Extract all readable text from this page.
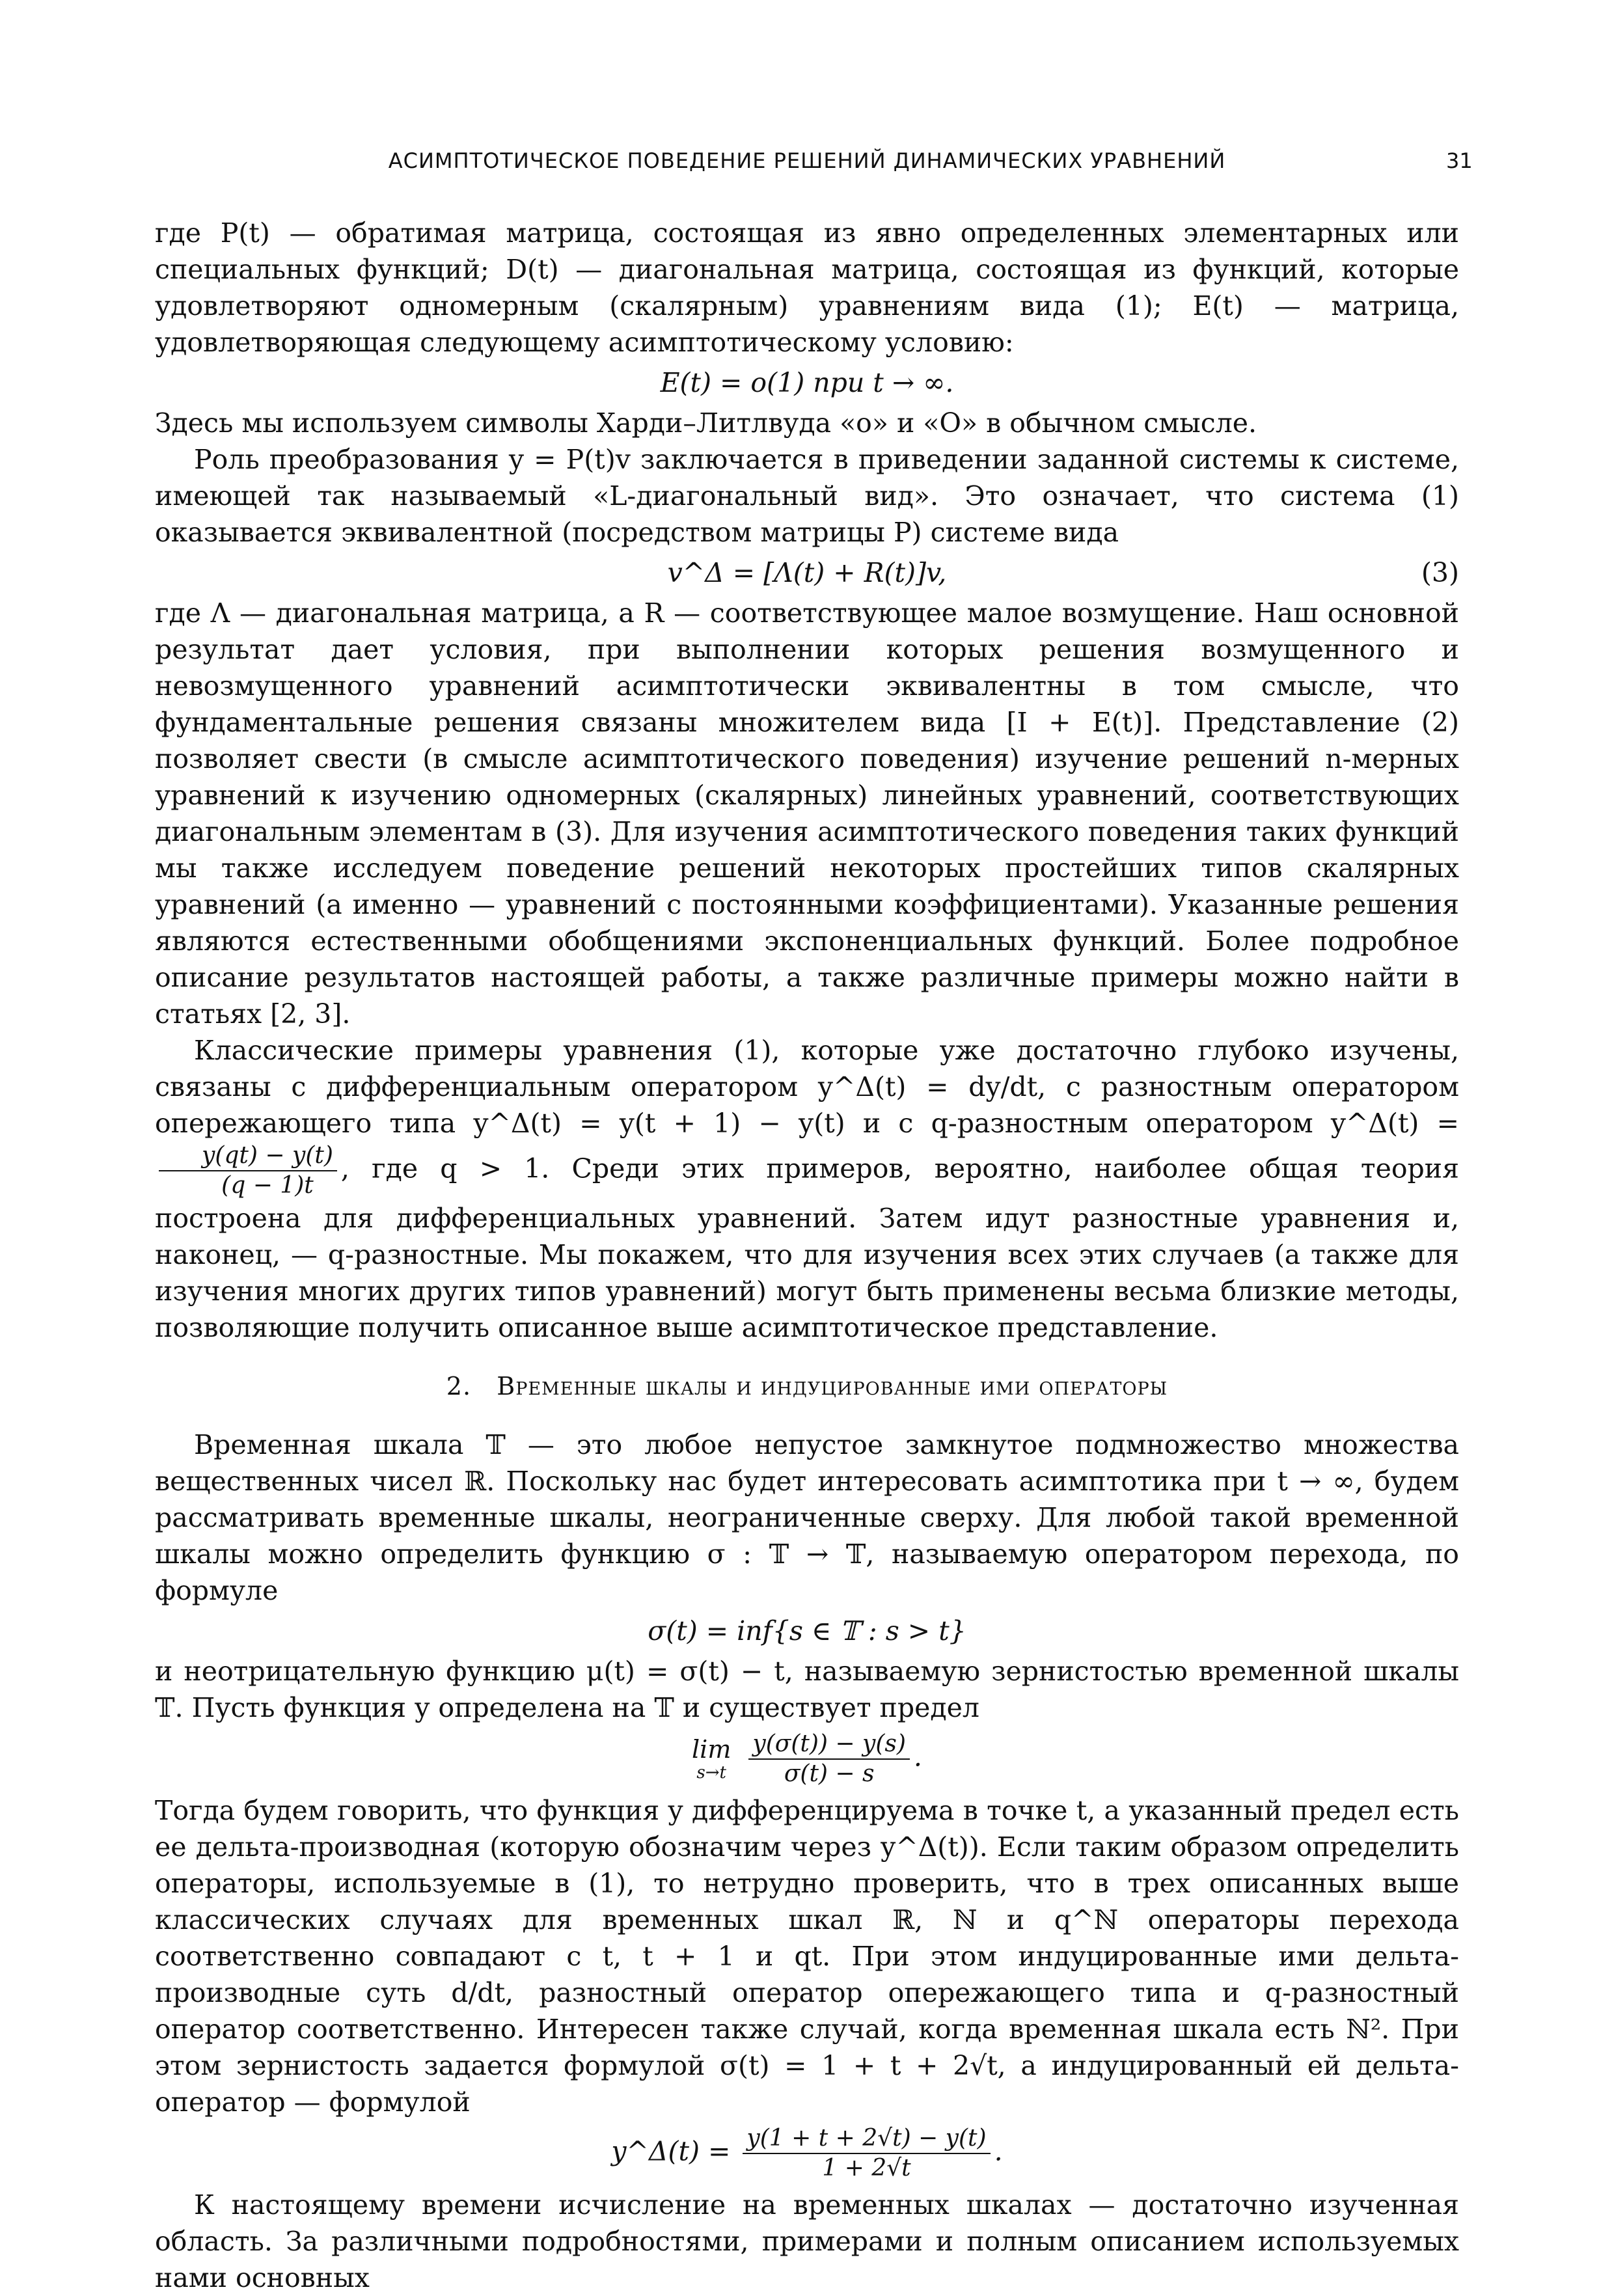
АСИМПТОТИЧЕСКОЕ ПОВЕДЕНИЕ РЕШЕНИЙ ДИНАМИЧЕСКИХ УРАВНЕНИЙ	31

где P(t) — обратимая матрица, состоящая из явно определенных элементарных или специальных функций; D(t) — диагональная матрица, состоящая из функций, которые удовлетворяют одномерным (скалярным) уравнениям вида (1); E(t) — матрица, удовлетворяющая следующему асимптотическому условию:

E(t) = o(1) при t → ∞.

Здесь мы используем символы Харди–Литлвуда «o» и «O» в обычном смысле.

Роль преобразования y = P(t)v заключается в приведении заданной системы к системе, имеющей так называемый «L-диагональный вид». Это означает, что система (1) оказывается эквивалентной (посредством матрицы P) системе вида

v^Δ = [Λ(t) + R(t)]v,	(3)

где Λ — диагональная матрица, а R — соответствующее малое возмущение. Наш основной результат дает условия, при выполнении которых решения возмущенного и невозмущенного уравнений асимптотически эквивалентны в том смысле, что фундаментальные решения связаны множителем вида [I + E(t)]. Представление (2) позволяет свести (в смысле асимптотического поведения) изучение решений n-мерных уравнений к изучению одномерных (скалярных) линейных уравнений, соответствующих диагональным элементам в (3). Для изучения асимптотического поведения таких функций мы также исследуем поведение решений некоторых простейших типов скалярных уравнений (а именно — уравнений с постоянными коэффициентами). Указанные решения являются естественными обобщениями экспоненциальных функций. Более подробное описание результатов настоящей работы, а также различные примеры можно найти в статьях [2, 3].

Классические примеры уравнения (1), которые уже достаточно глубоко изучены, связаны с дифференциальным оператором y^Δ(t) = dy/dt, с разностным оператором опережающего типа y^Δ(t) = y(t + 1) − y(t) и с q-разностным оператором y^Δ(t) =
$\frac{y(qt) - y(t)}{(q - 1)t}$ , где q > 1. Среди этих примеров, вероятно, наиболее общая теория построена для дифференциальных уравнений. Затем идут разностные уравнения и, наконец, — q-разностные. Мы покажем, что для изучения всех этих случаев (а также для изучения многих других типов уравнений) могут быть применены весьма близкие методы, позволяющие получить описанное выше асимптотическое представление.

2. Временные шкалы и индуцированные ими операторы

Временная шкала 𝕋 — это любое непустое замкнутое подмножество множества вещественных чисел ℝ. Поскольку нас будет интересовать асимптотика при t → ∞, будем рассматривать временные шкалы, неограниченные сверху. Для любой такой временной шкалы можно определить функцию σ : 𝕋 → 𝕋, называемую оператором перехода, по формуле

σ(t) = inf{s ∈ 𝕋 : s > t}

и неотрицательную функцию μ(t) = σ(t) − t, называемую зернистостью временной шкалы 𝕋. Пусть функция y определена на 𝕋 и существует предел

lim
s→t
$\frac{y(\sigma(t)) - y(s)}{\sigma(t) - s}$ .

Тогда будем говорить, что функция y дифференцируема в точке t, а указанный предел есть ее дельта-производная (которую обозначим через y^Δ(t)). Если таким образом определить операторы, используемые в (1), то нетрудно проверить, что в трех описанных выше классических случаях для временных шкал ℝ, ℕ и q^ℕ операторы перехода соответственно совпадают с t, t + 1 и qt. При этом индуцированные ими дельта-производные суть d/dt, разностный оператор опережающего типа и q-разностный оператор соответственно. Интересен также случай, когда временная шкала есть ℕ². При этом зернистость задается формулой σ(t) = 1 + t + 2√t, а индуцированный ей дельта-оператор — формулой

y^Δ(t) = $\frac{y(1 + t + 2√t) - y(t)}{1 + 2√t}$ .

К настоящему времени исчисление на временных шкалах — достаточно изученная область. За различными подробностями, примерами и полным описанием используемых нами основных
